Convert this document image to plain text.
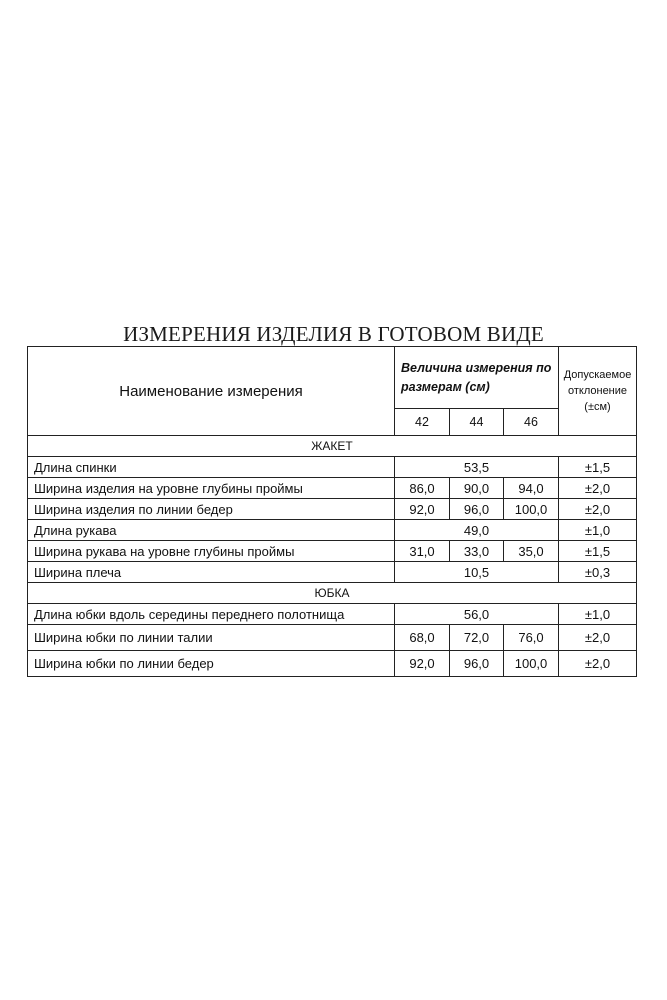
ИЗМЕРЕНИЯ ИЗДЕЛИЯ В ГОТОВОМ ВИДЕ
Наименование измерения	Величина измерения по размерам (см)			Допускаемое отклонение (±см)
	42	44	46	
ЖАКЕТ				
Длина спинки	53,5			±1,5
Ширина изделия на уровне глубины проймы	86,0	90,0	94,0	±2,0
Ширина изделия по линии бедер	92,0	96,0	100,0	±2,0
Длина рукава	49,0			±1,0
Ширина рукава на уровне глубины проймы	31,0	33,0	35,0	±1,5
Ширина плеча	10,5			±0,3
ЮБКА				
Длина юбки вдоль середины переднего полотнища	56,0			±1,0
Ширина юбки по линии талии	68,0	72,0	76,0	±2,0
Ширина юбки по линии бедер	92,0	96,0	100,0	±2,0
